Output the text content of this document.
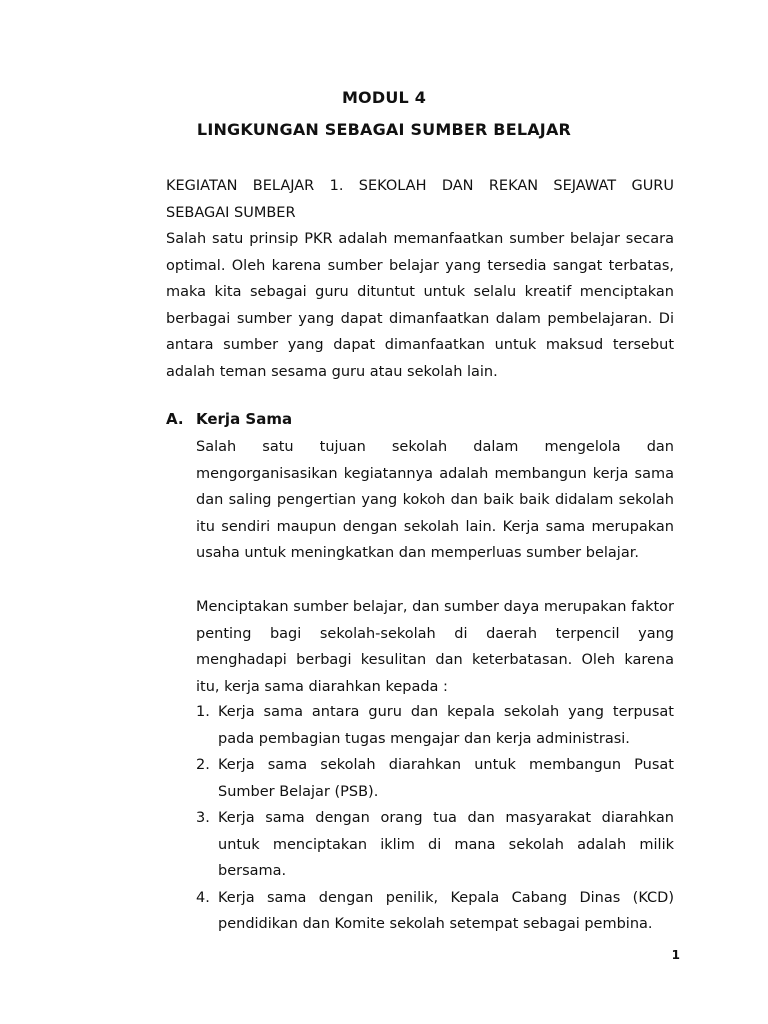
MODUL 4
LINGKUNGAN SEBAGAI SUMBER BELAJAR
KEGIATAN BELAJAR 1. SEKOLAH DAN REKAN SEJAWAT GURU
SEBAGAI SUMBER

Salah satu prinsip PKR adalah memanfaatkan sumber belajar secara optimal. Oleh karena sumber belajar yang tersedia sangat terbatas, maka kita sebagai guru dituntut untuk selalu kreatif menciptakan berbagai sumber yang dapat dimanfaatkan dalam pembelajaran. Di antara sumber yang dapat dimanfaatkan untuk maksud tersebut adalah teman sesama guru atau sekolah lain.

A. Kerja Sama

Salah satu tujuan sekolah dalam mengelola dan mengorganisasikan kegiatannya adalah membangun kerja sama dan saling pengertian yang kokoh dan baik baik didalam sekolah itu sendiri maupun dengan sekolah lain. Kerja sama merupakan usaha untuk meningkatkan dan memperluas sumber belajar.

Menciptakan sumber belajar, dan sumber daya merupakan faktor penting bagi sekolah-sekolah di daerah terpencil yang menghadapi berbagi kesulitan dan keterbatasan. Oleh karena itu, kerja sama diarahkan kepada :

1. Kerja sama antara guru dan kepala sekolah yang terpusat pada pembagian tugas mengajar dan kerja administrasi.
2. Kerja sama sekolah diarahkan untuk membangun Pusat Sumber Belajar (PSB).
3. Kerja sama dengan orang tua dan masyarakat diarahkan untuk menciptakan iklim di mana sekolah adalah milik bersama.
4. Kerja sama dengan penilik, Kepala Cabang Dinas (KCD) pendidikan dan Komite sekolah setempat sebagai pembina.
1
